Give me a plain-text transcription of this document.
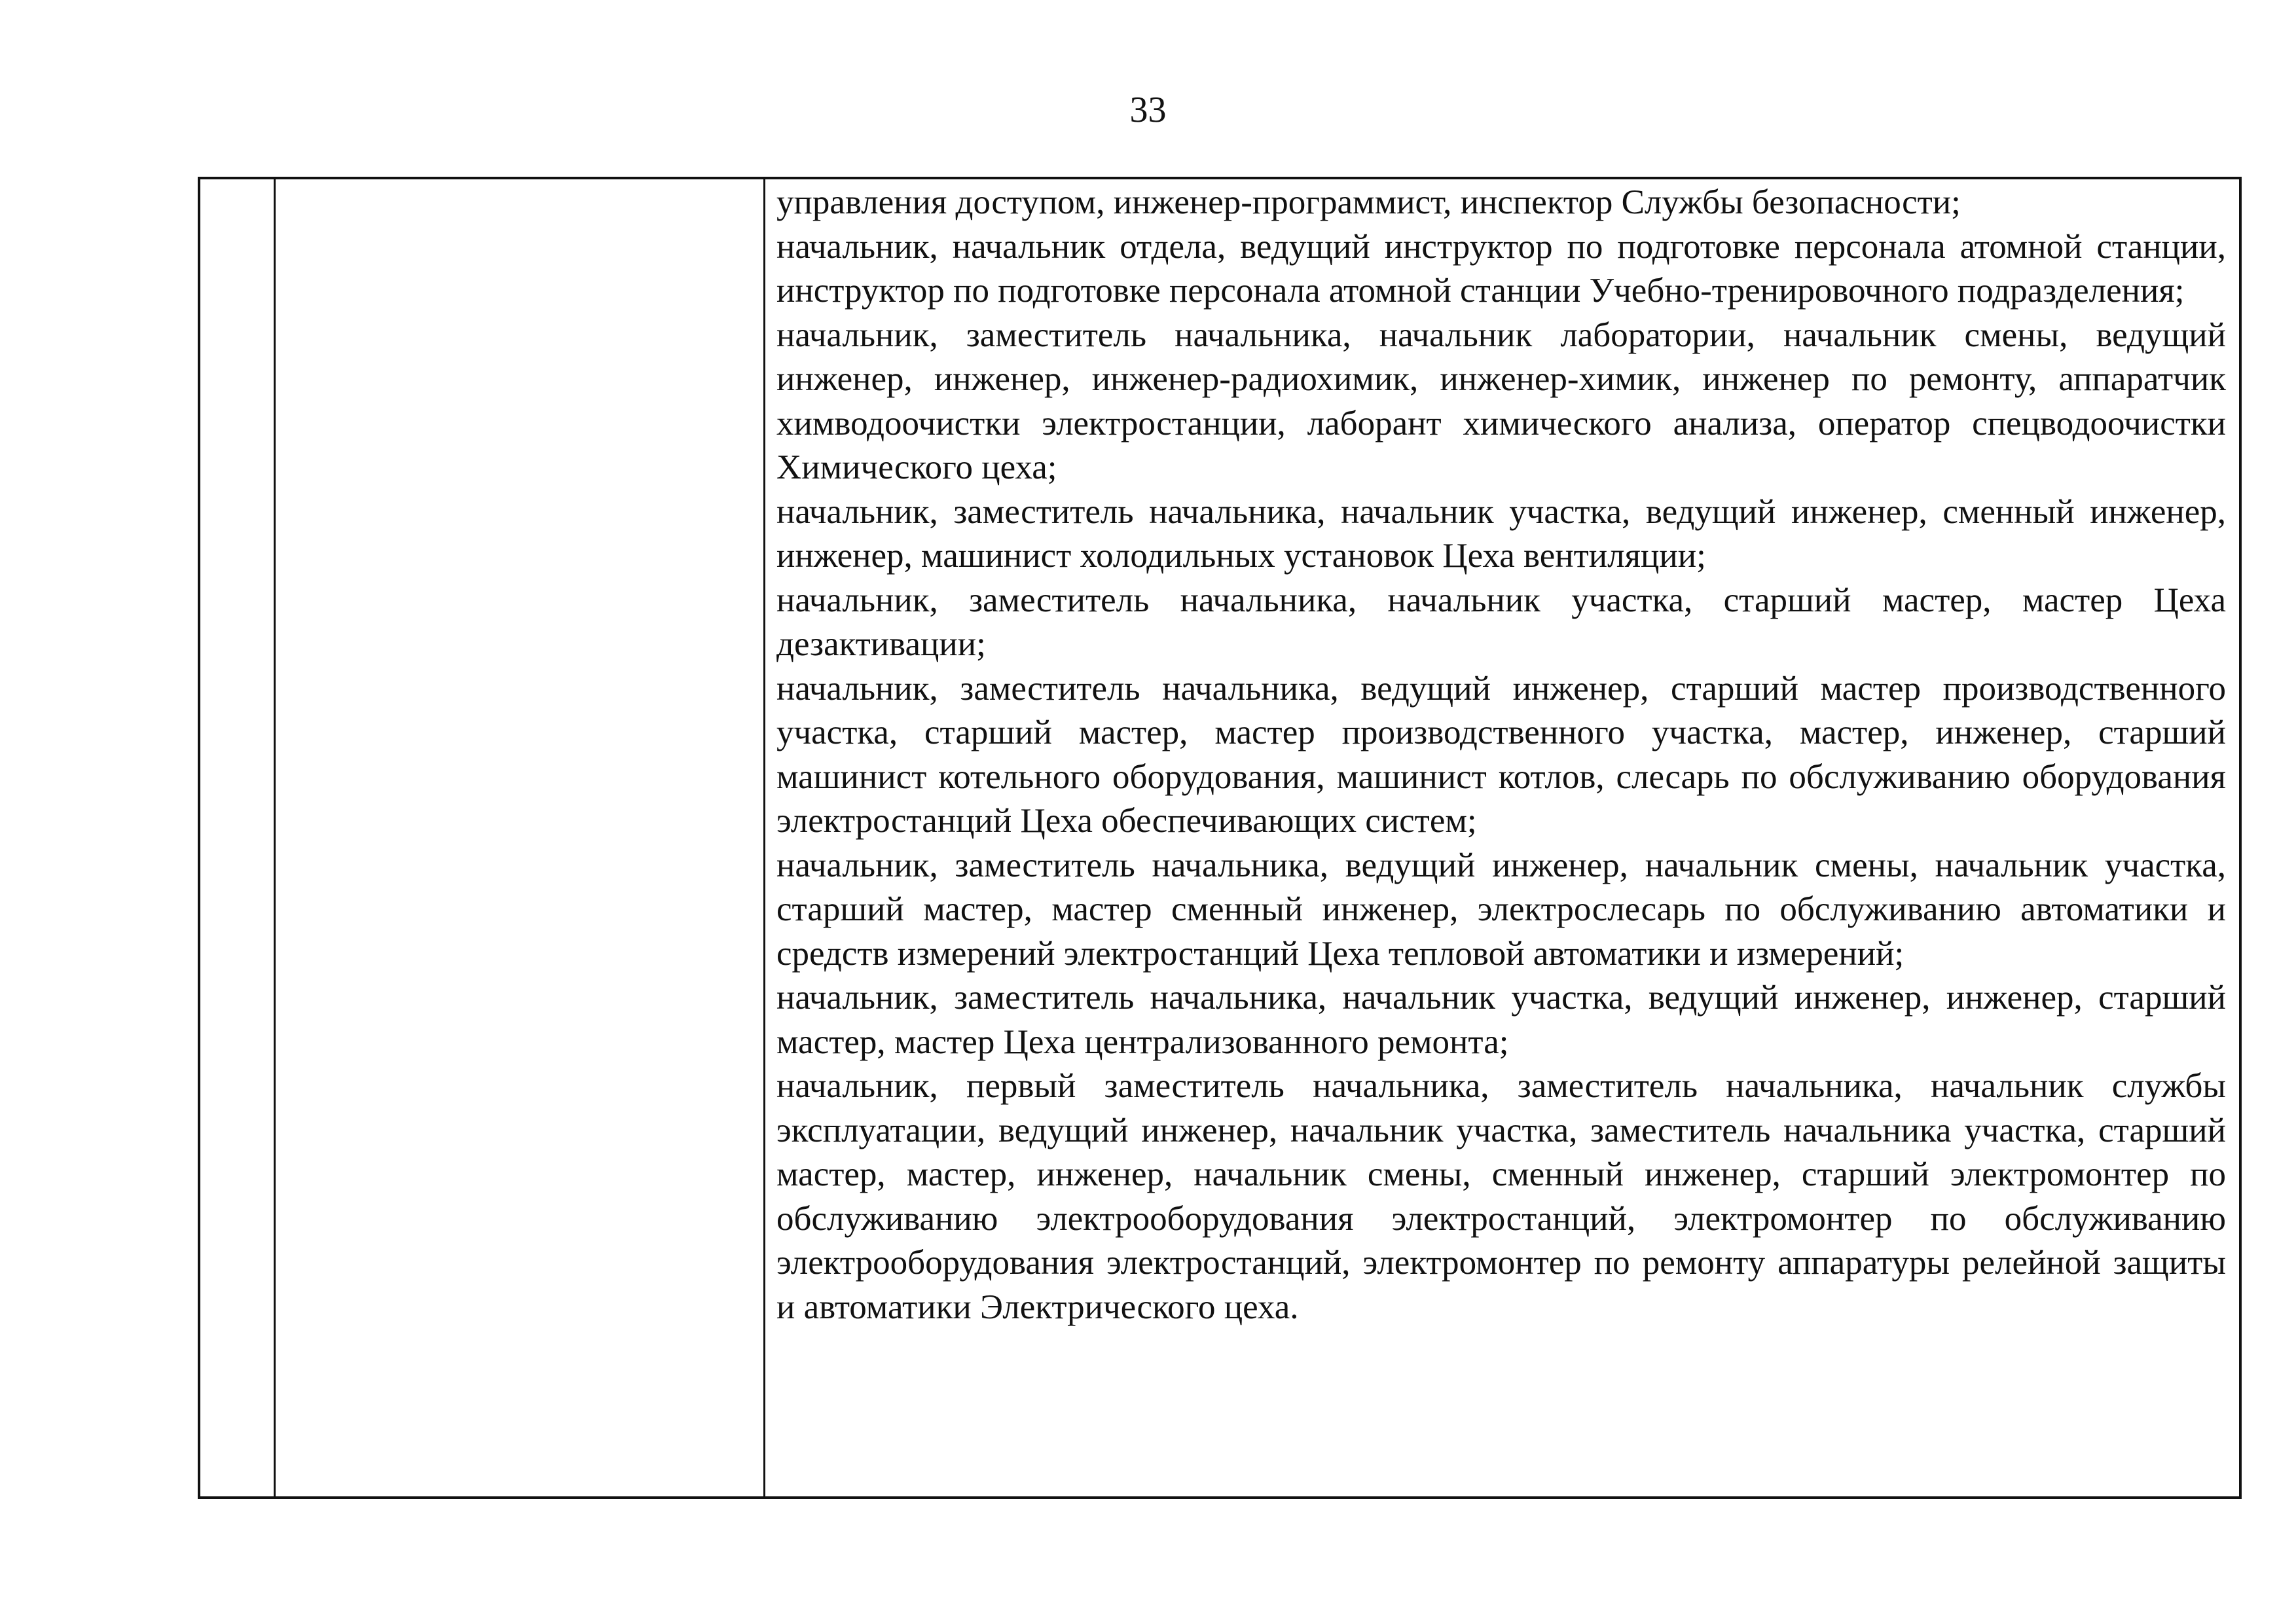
33

управления доступом, инженер-программист, инспектор Службы безопасности;

начальник, начальник отдела, ведущий инструктор по подготовке персонала атомной станции, инструктор по подготовке персонала атомной станции Учебно-тренировочного подразделения;

начальник, заместитель начальника, начальник лаборатории, начальник смены, ведущий инженер, инженер, инженер-радиохимик, инженер-химик, инженер по ремонту, аппаратчик химводоочистки электростанции, лаборант химического анализа, оператор спецводоочистки Химического цеха;

начальник, заместитель начальника, начальник участка, ведущий инженер, сменный инженер, инженер, машинист холодильных установок Цеха вентиляции;

начальник, заместитель начальника, начальник участка, старший мастер, мастер Цеха дезактивации;

начальник, заместитель начальника, ведущий инженер, старший мастер производственного участка, старший мастер, мастер производственного участка, мастер, инженер, старший машинист котельного оборудования, машинист котлов, слесарь по обслуживанию оборудования электростанций Цеха обеспечивающих систем;

начальник, заместитель начальника, ведущий инженер, начальник смены, начальник участка, старший мастер, мастер сменный инженер, электрослесарь по обслуживанию автоматики и средств измерений электростанций Цеха тепловой автоматики и измерений;

начальник, заместитель начальника, начальник участка, ведущий инженер, инженер, старший мастер, мастер Цеха централизованного ремонта;

начальник, первый заместитель начальника, заместитель начальника, начальник службы эксплуатации, ведущий инженер, начальник участка, заместитель начальника участка, старший мастер, мастер, инженер, начальник смены, сменный инженер, старший электромонтер по обслуживанию электрооборудования электростанций, электромонтер по обслуживанию электрооборудования электростанций, электромонтер по ремонту аппаратуры релейной защиты и автоматики Электрического цеха.
